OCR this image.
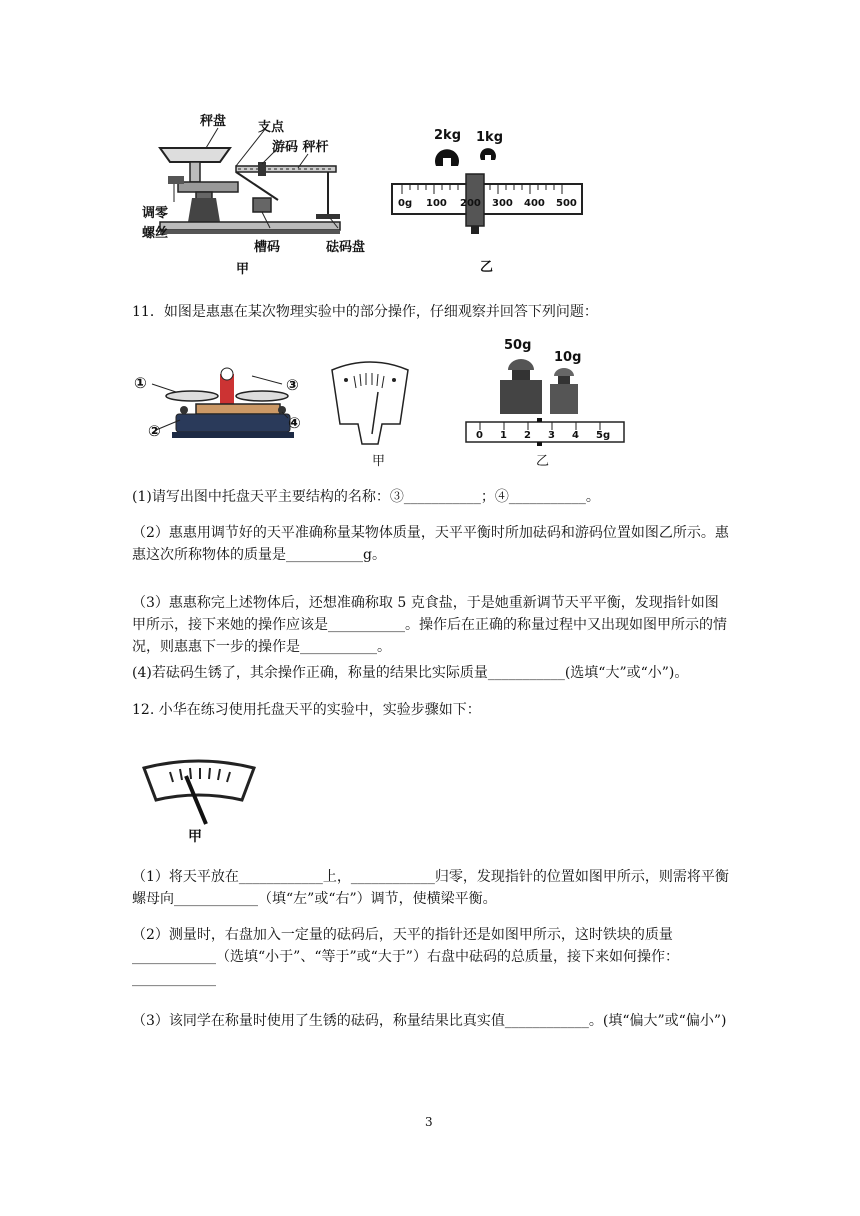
秤盘 支点
游码 秤杆
调零
螺丝
槽码	砝码盘
甲
2kg 1kg
0g 100 200 300 400 500
乙
11．如图是惠惠在某次物理实验中的部分操作，仔细观察并回答下列问题：
①
②
③
④
甲
50g
10g
0 1 2 3 4 5g
乙
(1)请写出图中托盘天平主要结构的名称：③___________；④___________。
（2）惠惠用调节好的天平准确称量某物体质量，天平平衡时所加砝码和游码位置如图乙所示。惠惠这次所称物体的质量是___________g。
（3）惠惠称完上述物体后，还想准确称取 5 克食盐，于是她重新调节天平平衡，发现指针如图甲所示，接下来她的操作应该是___________。操作后在正确的称量过程中又出现如图甲所示的情况，则惠惠下一步的操作是___________。
(4)若砝码生锈了，其余操作正确，称量的结果比实际质量___________(选填“大”或“小”)。
12. 小华在练习使用托盘天平的实验中，实验步骤如下：
甲
（1）将天平放在____________上，____________归零，发现指针的位置如图甲所示，则需将平衡螺母向____________（填“左”或“右”）调节，使横梁平衡。
（2）测量时，右盘加入一定量的砝码后，天平的指针还是如图甲所示，这时铁块的质量____________（选填“小于”、“等于”或“大于”）右盘中砝码的总质量，接下来如何操作：____________
（3）该同学在称量时使用了生锈的砝码，称量结果比真实值____________。(填“偏大”或“偏小”)
3
